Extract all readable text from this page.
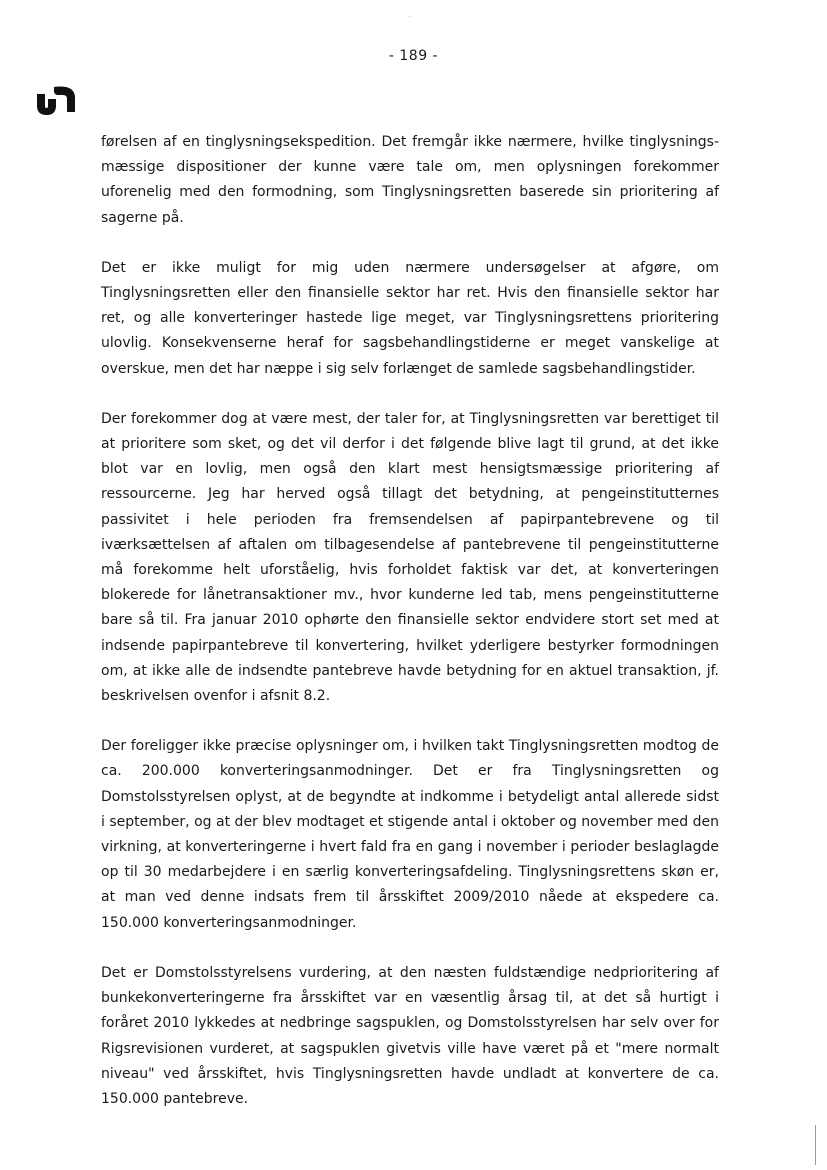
- 189 -

førelsen af en tinglysningsekspedition. Det fremgår ikke nærmere, hvilke tinglysningsmæssige dispositioner der kunne være tale om, men oplysningen forekommer uforenelig med den formodning, som Tinglysningsretten baserede sin prioritering af sagerne på.

Det er ikke muligt for mig uden nærmere undersøgelser at afgøre, om Tinglysningsretten eller den finansielle sektor har ret. Hvis den finansielle sektor har ret, og alle konverteringer hastede lige meget, var Tinglysningsrettens prioritering ulovlig. Konsekvenserne heraf for sagsbehandlingstiderne er meget vanskelige at overskue, men det har næppe i sig selv forlænget de samlede sagsbehandlingstider.

Der forekommer dog at være mest, der taler for, at Tinglysningsretten var berettiget til at prioritere som sket, og det vil derfor i det følgende blive lagt til grund, at det ikke blot var en lovlig, men også den klart mest hensigtsmæssige prioritering af ressourcerne. Jeg har herved også tillagt det betydning, at pengeinstitutternes passivitet i hele perioden fra fremsendelsen af papirpantebrevene og til iværksættelsen af aftalen om tilbagesendelse af pantebrevene til pengeinstitutterne må forekomme helt uforståelig, hvis forholdet faktisk var det, at konverteringen blokerede for lånetransaktioner mv., hvor kunderne led tab, mens pengeinstitutterne bare så til. Fra januar 2010 ophørte den finansielle sektor endvidere stort set med at indsende papirpantebreve til konvertering, hvilket yderligere bestyrker formodningen om, at ikke alle de indsendte pantebreve havde betydning for en aktuel transaktion, jf. beskrivelsen ovenfor i afsnit 8.2.

Der foreligger ikke præcise oplysninger om, i hvilken takt Tinglysningsretten modtog de ca. 200.000 konverteringsanmodninger. Det er fra Tinglysningsretten og Domstolsstyrelsen oplyst, at de begyndte at indkomme i betydeligt antal allerede sidst i september, og at der blev modtaget et stigende antal i oktober og november med den virkning, at konverteringerne i hvert fald fra en gang i november i perioder beslaglagde op til 30 medarbejdere i en særlig konverteringsafdeling. Tinglysningsrettens skøn er, at man ved denne indsats frem til årsskiftet 2009/2010 nåede at ekspedere ca. 150.000 konverteringsanmodninger.

Det er Domstolsstyrelsens vurdering, at den næsten fuldstændige nedprioritering af bunkekonverteringerne fra årsskiftet var en væsentlig årsag til, at det så hurtigt i foråret 2010 lykkedes at nedbringe sagspuklen, og Domstolsstyrelsen har selv over for Rigsrevisionen vurderet, at sagspuklen givetvis ville have været på et "mere normalt niveau" ved årsskiftet, hvis Tinglysningsretten havde undladt at konvertere de ca. 150.000 pantebreve.
